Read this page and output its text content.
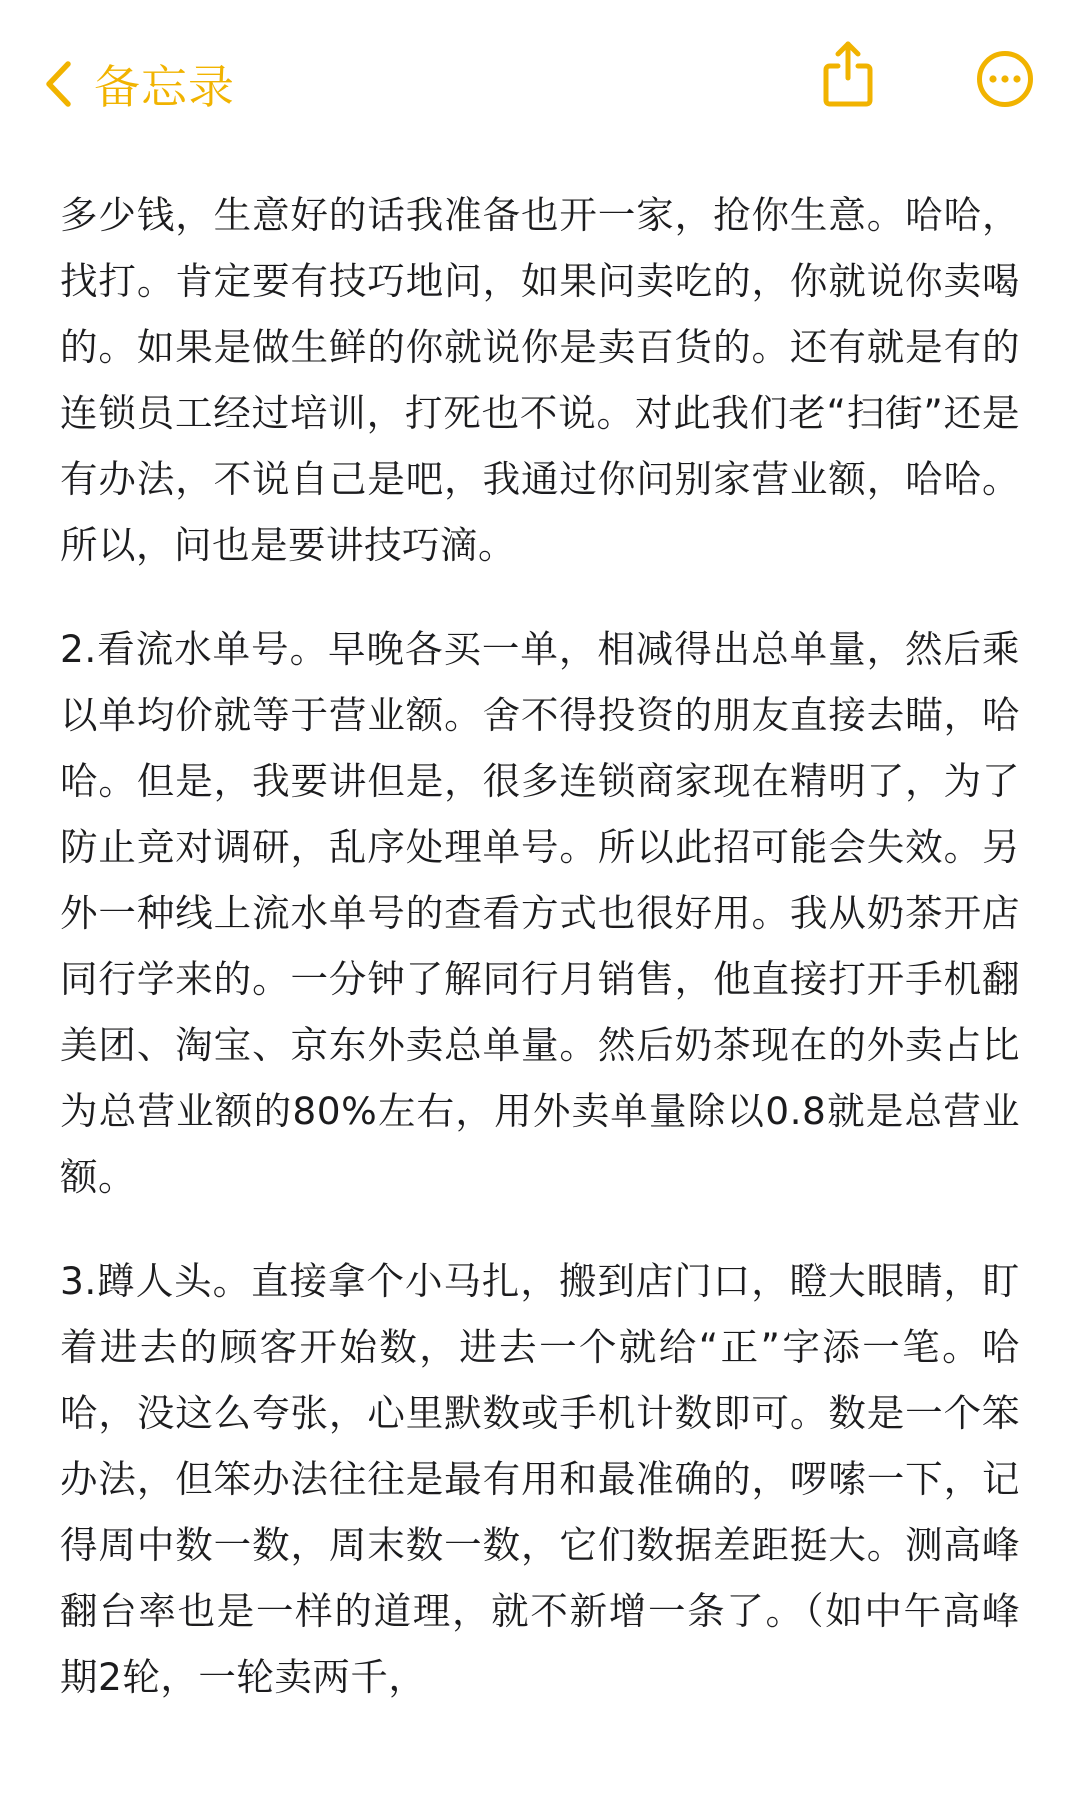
备忘录

多少钱，生意好的话我准备也开一家，抢你生意。哈哈，找打。肯定要有技巧地问，如果问卖吃的，你就说你卖喝的。如果是做生鲜的你就说你是卖百货的。还有就是有的连锁员工经过培训，打死也不说。对此我们老“扫街”还是有办法，不说自己是吧，我通过你问别家营业额，哈哈。所以，问也是要讲技巧滴。

2.看流水单号。早晚各买一单，相减得出总单量，然后乘以单均价就等于营业额。舍不得投资的朋友直接去瞄，哈哈。但是，我要讲但是，很多连锁商家现在精明了，为了防止竞对调研，乱序处理单号。所以此招可能会失效。另外一种线上流水单号的查看方式也很好用。我从奶茶开店同行学来的。一分钟了解同行月销售，他直接打开手机翻美团、淘宝、京东外卖总单量。然后奶茶现在的外卖占比为总营业额的80%左右，用外卖单量除以0.8就是总营业额。

3.蹲人头。直接拿个小马扎，搬到店门口，瞪大眼睛，盯着进去的顾客开始数，进去一个就给“正”字添一笔。哈哈，没这么夸张，心里默数或手机计数即可。数是一个笨办法，但笨办法往往是最有用和最准确的，啰嗦一下，记得周中数一数，周末数一数，它们数据差距挺大。测高峰翻台率也是一样的道理，就不新增一条了。（如中午高峰期2轮，一轮卖两千，
